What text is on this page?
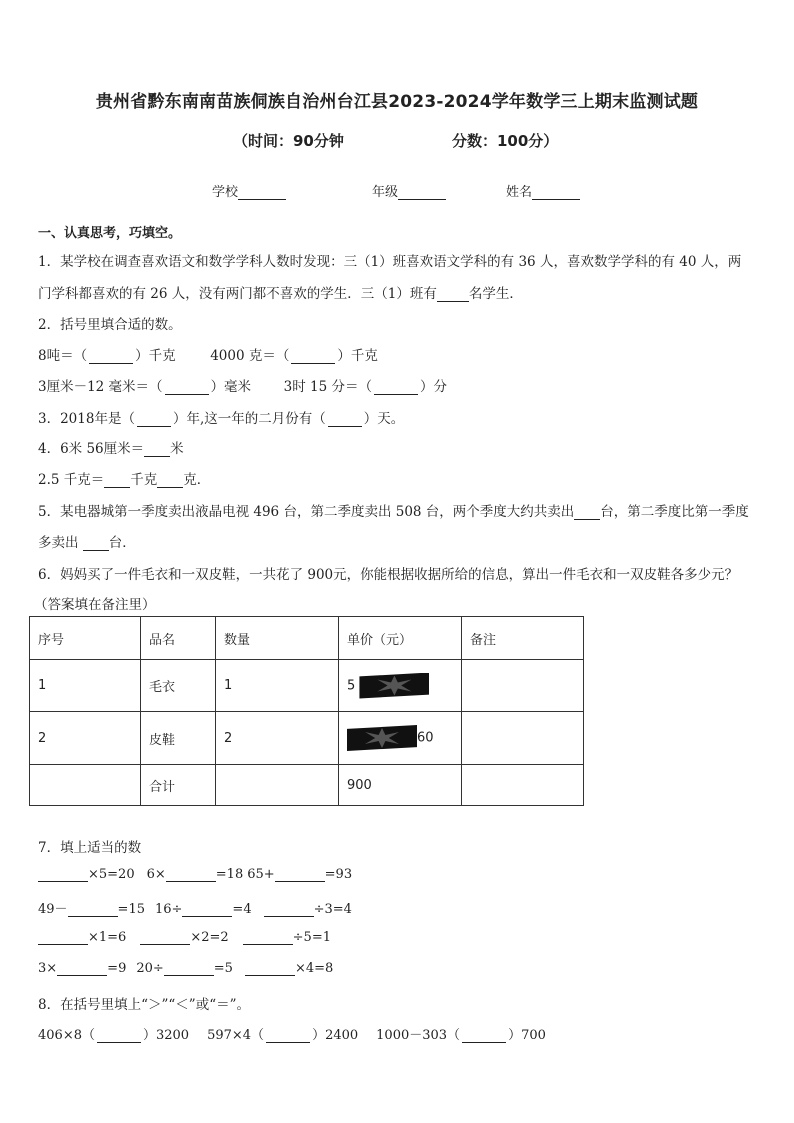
贵州省黔东南南苗族侗族自治州台江县2023-2024学年数学三上期末监测试题
（时间：90分钟	分数：100分）
学校	年级	姓名
一、认真思考，巧填空。
1．某学校在调查喜欢语文和数学学科人数时发现：三（1）班喜欢语文学科的有 36 人，喜欢数学学科的有 40 人，两
门学科都喜欢的有 26 人，没有两门都不喜欢的学生．三（1）班有 名学生．
2．括号里填合适的数。
8吨＝（	）千克	4000 克＝（	）千克
3厘米－12 毫米＝（	）毫米 3时 15 分＝（	）分
3．2018年是（	）年,这一年的二月份有（	）天。
4．6米 56厘米＝ 米
2.5 千克＝ 千克 克．
5．某电器城第一季度卖出液晶电视 496 台，第二季度卖出 508 台，两个季度大约共卖出 台，第二季度比第一季度
多卖出 台．
6．妈妈买了一件毛衣和一双皮鞋，一共花了 900元，你能根据收据所给的信息，算出一件毛衣和一双皮鞋各多少元？
（答案填在备注里）
序号	品名	数量	单价（元）	备注
1	毛衣	1	5	
2	皮鞋	2	60	
	合计		900	
7．填上适当的数
×5=20 6×	=18 65+	=93
49－	=15 16÷	=4	÷3=4
×1=6	×2=2	÷5=1
3×	=9 20÷	=5	×4=8
8．在括号里填上“＞”“＜”或“＝”。
406×8（	）3200 597×4（	）2400 1000－303（	）700
